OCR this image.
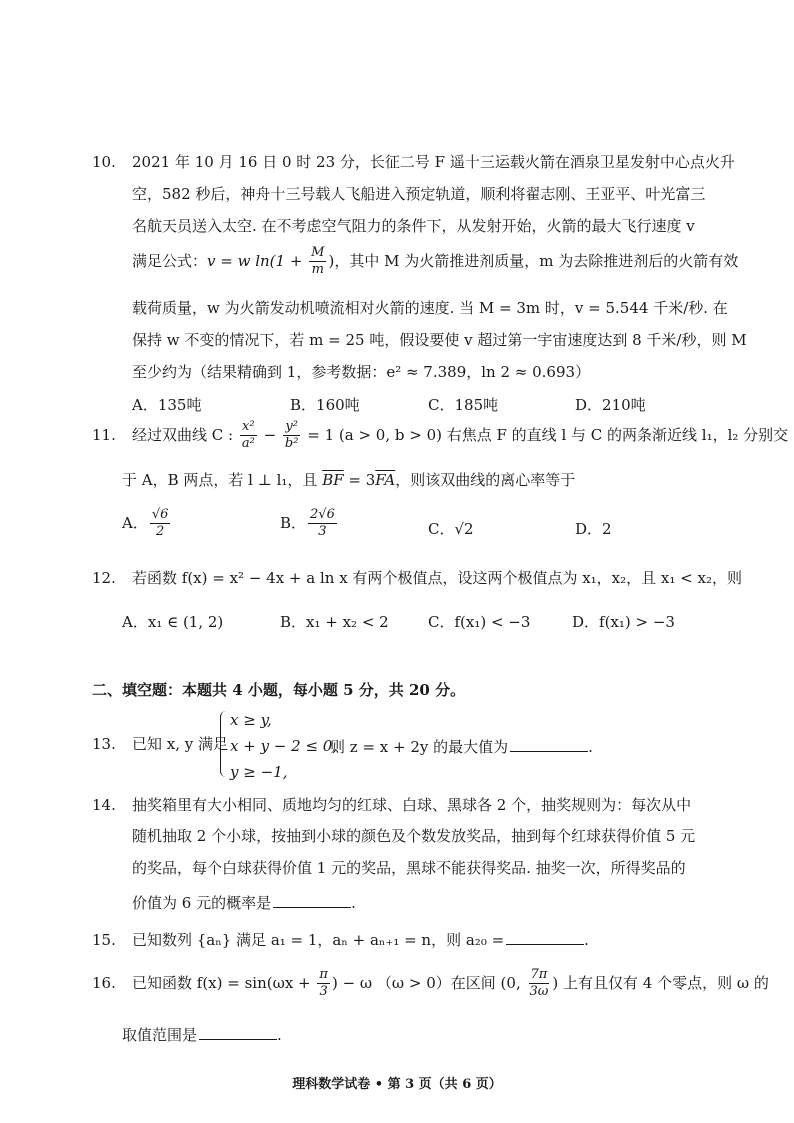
10. 2021 年 10 月 16 日 0 时 23 分，长征二号 F 遥十三运载火箭在酒泉卫星发射中心点火升
空，582 秒后，神舟十三号载人飞船进入预定轨道，顺利将翟志刚、王亚平、叶光富三
名航天员送入太空. 在不考虑空气阻力的条件下，从发射开始，火箭的最大飞行速度 v
满足公式：v = w $\ln(1 + \frac{M}{m}$ )，其中 M 为火箭推进剂质量，m 为去除推进剂后的火箭有效
载荷质量，w 为火箭发动机喷流相对火箭的速度. 当 M = 3m 时，v = 5.544 千米/秒. 在
保持 w 不变的情况下，若 m = 25 吨，假设要使 v 超过第一宇宙速度达到 8 千米/秒，则 M
至少约为（结果精确到 1，参考数据：e² ≈ 7.389，ln 2 ≈ 0.693）
A．135吨	B．160吨	C．185吨	D．210吨
11. 经过双曲线 C : $\frac{\text{x²}}{\text{a²}} - \frac{\text{y²}}{\text{b²}} = 1$ (a > 0, b > 0) 右焦点 F 的直线 l 与 C 的两条渐近线 l₁，l₂ 分别交
于 A，B 两点，若 l ⊥ l₁，且 $\overline{BF} = 3\overline{FA}$，则该双曲线的离心率等于
A． $\frac{√6}{2}$	B． $\frac{2√6}{3}$	C．√2	D．2
12. 若函数 f(x) = x² − 4x + a ln x 有两个极值点，设这两个极值点为 x₁，x₂，且 x₁ < x₂，则
A．x₁ ∈ (1, 2)	B．x₁ + x₂ < 2	C．f(x₁) < −3	D．f(x₁) > −3
二、填空题：本题共 4 小题，每小题 5 分，共 20 分。
13. 已知 x, y 满足
x ≥ y,
x + y − 2 ≤ 0,
y ≥ −1,
则 z = x + 2y 的最大值为	.
14. 抽奖箱里有大小相同、质地均匀的红球、白球、黑球各 2 个，抽奖规则为：每次从中
随机抽取 2 个小球，按抽到小球的颜色及个数发放奖品，抽到每个红球获得价值 5 元
的奖品，每个白球获得价值 1 元的奖品，黑球不能获得奖品. 抽奖一次，所得奖品的
价值为 6 元的概率是	.
15. 已知数列 {aₙ} 满足 a₁ = 1，aₙ + aₙ₊₁ = n，则 a₂₀ =	.
16. 已知函数 $f(x) = \sin(\omega x + \frac{\pi}{3}$ ) − ω （ω > 0）在区间 (0, $\frac{7\pi}{3\omega}$ ) 上有且仅有 4 个零点，则 ω 的
取值范围是	.
理科数学试卷 • 第 3 页（共 6 页）
